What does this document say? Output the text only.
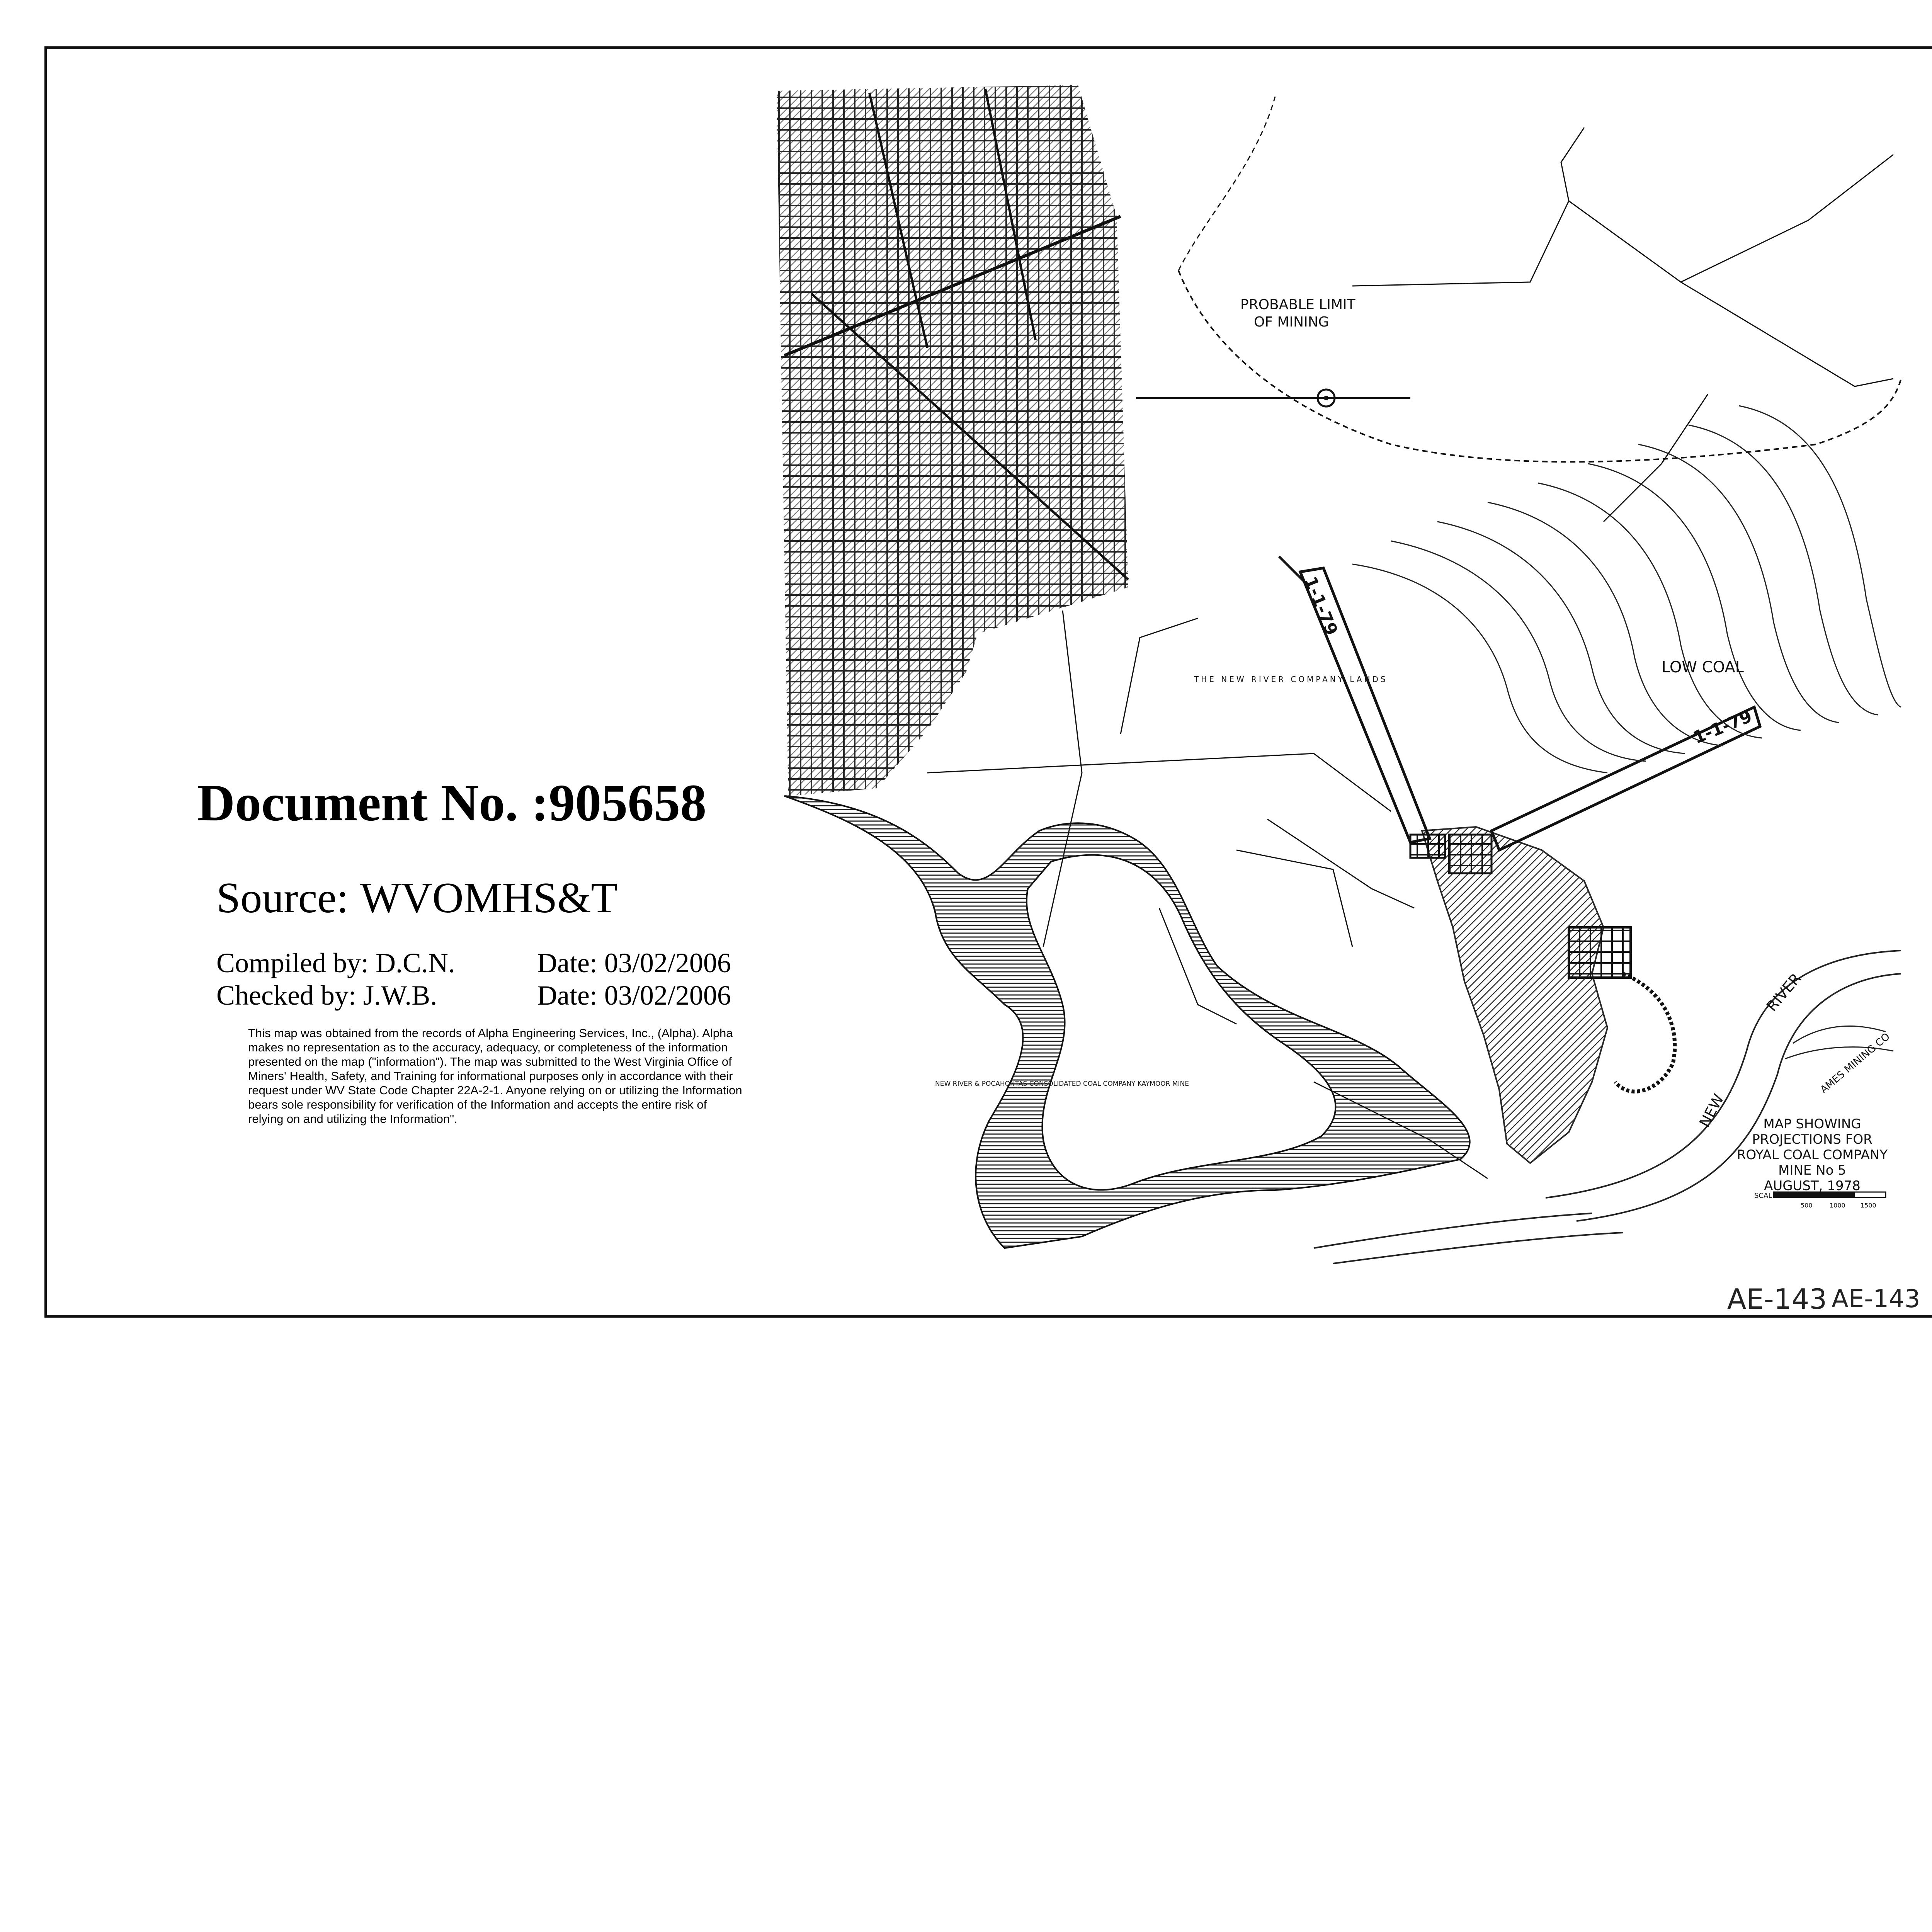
PROBABLE LIMIT
OF MINING
1-1-79
1-1-79
LOW COAL
THE NEW RIVER COMPANY LANDS
NEW
RIVER
AMES MINING CO
NEW RIVER & POCAHONTAS CONSOLIDATED COAL COMPANY KAYMOOR MINE
MAP SHOWING
PROJECTIONS FOR
ROYAL COAL COMPANY
MINE No 5
AUGUST, 1978
SCALE:
500	1000 1500
Document No. :905658
Source: WVOMHS&T
Compiled by: D.C.N.	Date: 03/02/2006
Checked by: J.W.B.	Date: 03/02/2006
This map was obtained from the records of Alpha Engineering Services, Inc., (Alpha). Alpha makes no representation as to the accuracy, adequacy, or completeness of the information presented on the map ("information"). The map was submitted to the West Virginia Office of Miners' Health, Safety, and Training for informational purposes only in accordance with their request under WV State Code Chapter 22A-2-1. Anyone relying on or utilizing the Information bears sole responsibility for verification of the Information and accepts the entire risk of relying on and utilizing the Information".
AE-143 AE-143
